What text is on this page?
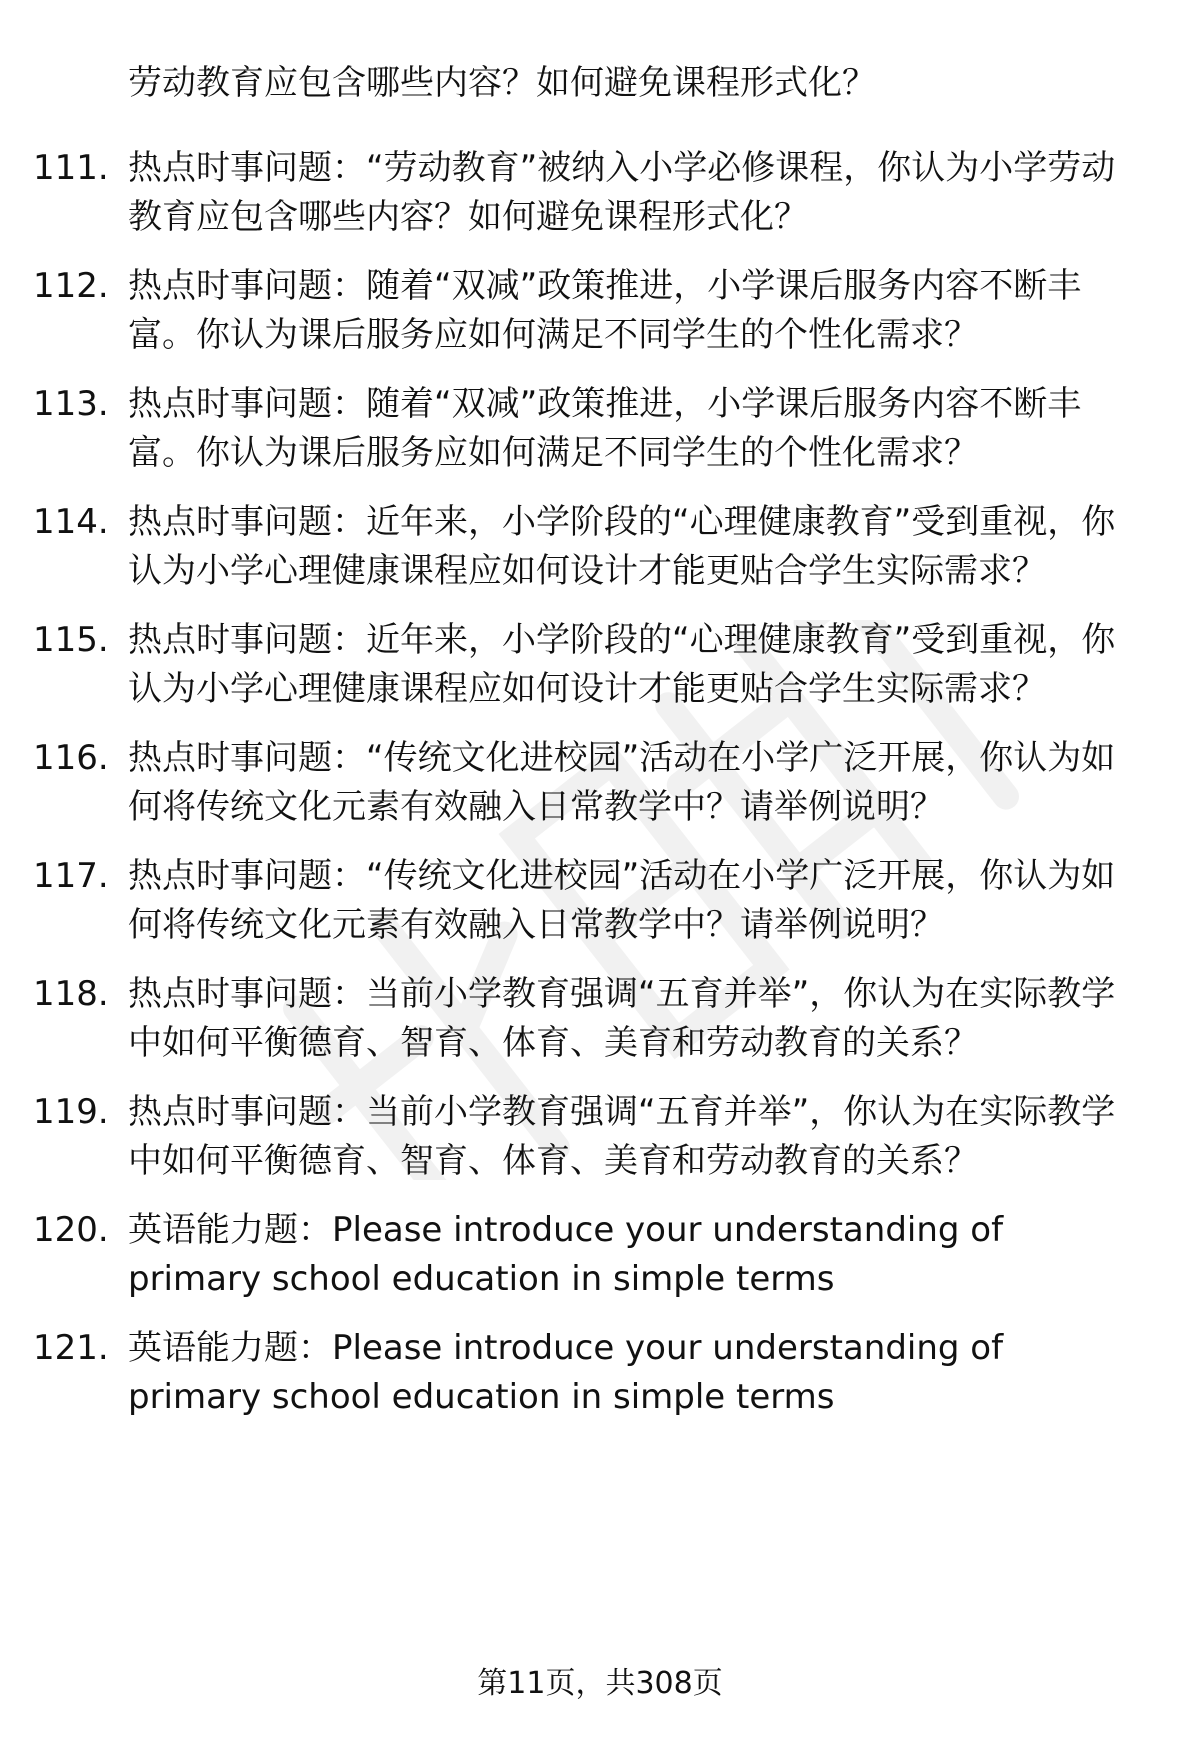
劳动教育应包含哪些内容？如何避免课程形式化？
111. 热点时事问题：“劳动教育”被纳入小学必修课程，你认为小学劳动教育应包含哪些内容？如何避免课程形式化？
112. 热点时事问题：随着“双减”政策推进，小学课后服务内容不断丰富。你认为课后服务应如何满足不同学生的个性化需求？
113. 热点时事问题：随着“双减”政策推进，小学课后服务内容不断丰富。你认为课后服务应如何满足不同学生的个性化需求？
114. 热点时事问题：近年来，小学阶段的“心理健康教育”受到重视，你认为小学心理健康课程应如何设计才能更贴合学生实际需求？
115. 热点时事问题：近年来，小学阶段的“心理健康教育”受到重视，你认为小学心理健康课程应如何设计才能更贴合学生实际需求？
116. 热点时事问题：“传统文化进校园”活动在小学广泛开展，你认为如何将传统文化元素有效融入日常教学中？请举例说明？
117. 热点时事问题：“传统文化进校园”活动在小学广泛开展，你认为如何将传统文化元素有效融入日常教学中？请举例说明？
118. 热点时事问题：当前小学教育强调“五育并举”，你认为在实际教学中如何平衡德育、智育、体育、美育和劳动教育的关系？
119. 热点时事问题：当前小学教育强调“五育并举”，你认为在实际教学中如何平衡德育、智育、体育、美育和劳动教育的关系？
120. 英语能力题：Please introduce your understanding of primary school education in simple terms
121. 英语能力题：Please introduce your understanding of primary school education in simple terms
第11页，共308页
